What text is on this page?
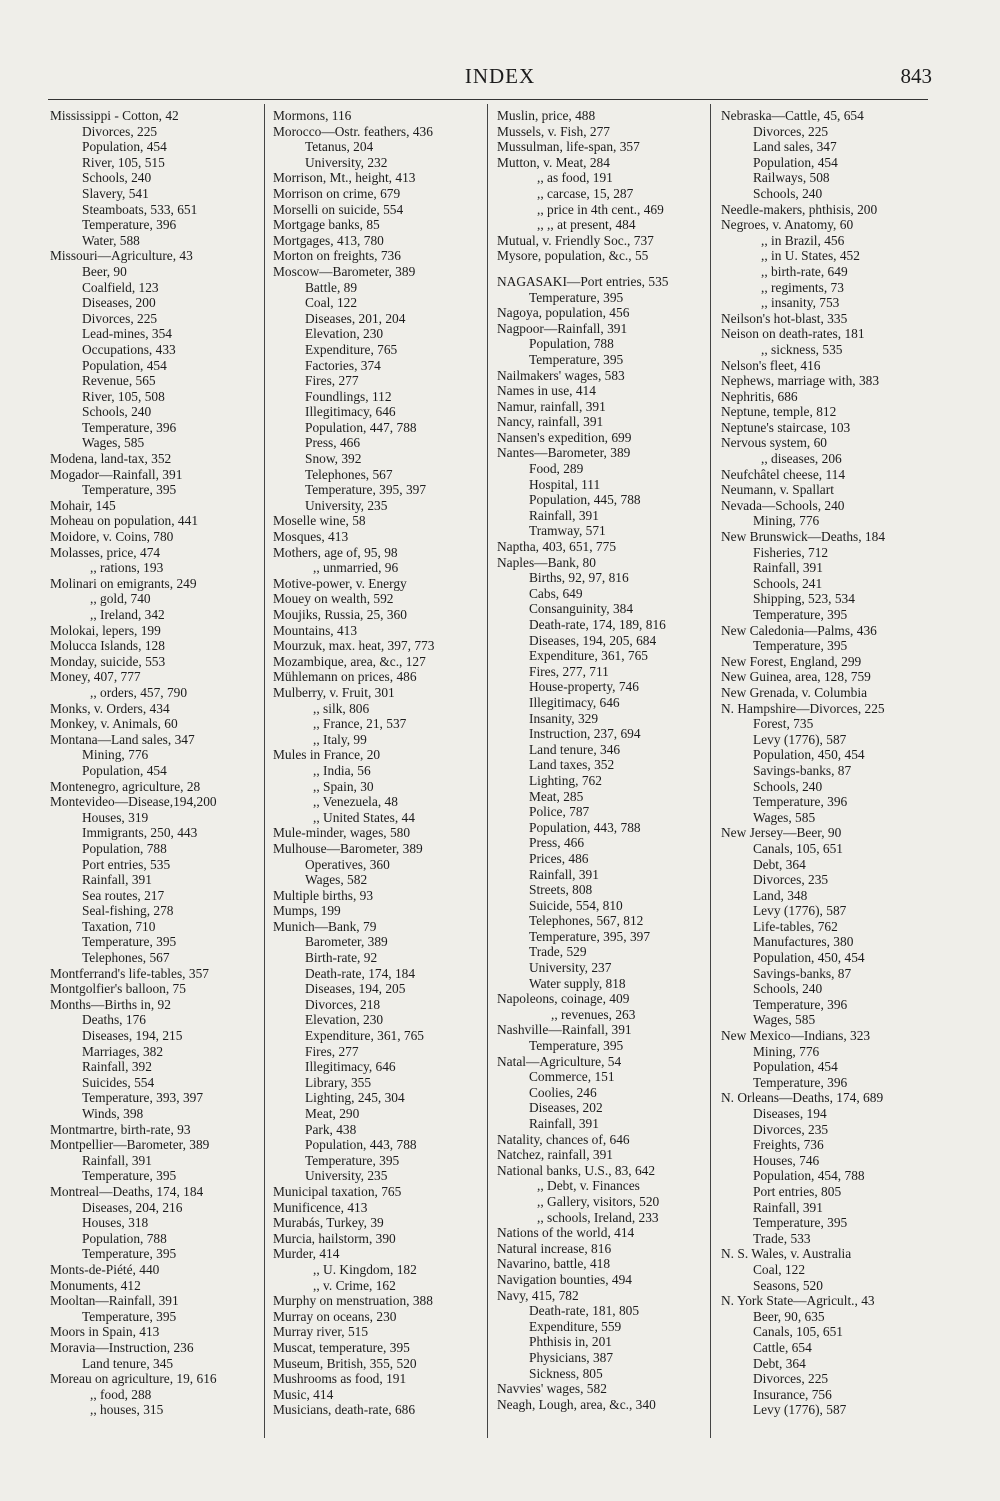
INDEX	843
Mississippi - Cotton, 42
Divorces, 225
Population, 454
River, 105, 515
Schools, 240
Slavery, 541
Steamboats, 533, 651
Temperature, 396
Water, 588
Missouri—Agriculture, 43
Beer, 90
Coalfield, 123
Diseases, 200
Divorces, 225
Lead-mines, 354
Occupations, 433
Population, 454
Revenue, 565
River, 105, 508
Schools, 240
Temperature, 396
Wages, 585
Modena, land-tax, 352
Mogador—Rainfall, 391
Temperature, 395
Mohair, 145
Moheau on population, 441
Moidore, v. Coins, 780
Molasses, price, 474
,, rations, 193
Molinari on emigrants, 249
,, gold, 740
,, Ireland, 342
Molokai, lepers, 199
Molucca Islands, 128
Monday, suicide, 553
Money, 407, 777
,, orders, 457, 790
Monks, v. Orders, 434
Monkey, v. Animals, 60
Montana—Land sales, 347
Mining, 776
Population, 454
Montenegro, agriculture, 28
Montevideo—Disease,194,200
Houses, 319
Immigrants, 250, 443
Population, 788
Port entries, 535
Rainfall, 391
Sea routes, 217
Seal-fishing, 278
Taxation, 710
Temperature, 395
Telephones, 567
Montferrand's life-tables, 357
Montgolfier's balloon, 75
Months—Births in, 92
Deaths, 176
Diseases, 194, 215
Marriages, 382
Rainfall, 392
Suicides, 554
Temperature, 393, 397
Winds, 398
Montmartre, birth-rate, 93
Montpellier—Barometer, 389
Rainfall, 391
Temperature, 395
Montreal—Deaths, 174, 184
Diseases, 204, 216
Houses, 318
Population, 788
Temperature, 395
Monts-de-Piété, 440
Monuments, 412
Mooltan—Rainfall, 391
Temperature, 395
Moors in Spain, 413
Moravia—Instruction, 236
Land tenure, 345
Moreau on agriculture, 19, 616
,, food, 288
,, houses, 315
Mormons, 116
Morocco—Ostr. feathers, 436
Tetanus, 204
University, 232
Morrison, Mt., height, 413
Morrison on crime, 679
Morselli on suicide, 554
Mortgage banks, 85
Mortgages, 413, 780
Morton on freights, 736
Moscow—Barometer, 389
Battle, 89
Coal, 122
Diseases, 201, 204
Elevation, 230
Expenditure, 765
Factories, 374
Fires, 277
Foundlings, 112
Illegitimacy, 646
Population, 447, 788
Press, 466
Snow, 392
Telephones, 567
Temperature, 395, 397
University, 235
Moselle wine, 58
Mosques, 413
Mothers, age of, 95, 98
,, unmarried, 96
Motive-power, v. Energy
Mouey on wealth, 592
Moujiks, Russia, 25, 360
Mountains, 413
Mourzuk, max. heat, 397, 773
Mozambique, area, &c., 127
Mühlemann on prices, 486
Mulberry, v. Fruit, 301
,, silk, 806
,, France, 21, 537
,, Italy, 99
Mules in France, 20
,, India, 56
,, Spain, 30
,, Venezuela, 48
,, United States, 44
Mule-minder, wages, 580
Mulhouse—Barometer, 389
Operatives, 360
Wages, 582
Multiple births, 93
Mumps, 199
Munich—Bank, 79
Barometer, 389
Birth-rate, 92
Death-rate, 174, 184
Diseases, 194, 205
Divorces, 218
Elevation, 230
Expenditure, 361, 765
Fires, 277
Illegitimacy, 646
Library, 355
Lighting, 245, 304
Meat, 290
Park, 438
Population, 443, 788
Temperature, 395
University, 235
Municipal taxation, 765
Munificence, 413
Murabás, Turkey, 39
Murcia, hailstorm, 390
Murder, 414
,, U. Kingdom, 182
,, v. Crime, 162
Murphy on menstruation, 388
Murray on oceans, 230
Murray river, 515
Muscat, temperature, 395
Museum, British, 355, 520
Mushrooms as food, 191
Music, 414
Musicians, death-rate, 686
Muslin, price, 488
Mussels, v. Fish, 277
Mussulman, life-span, 357
Mutton, v. Meat, 284
,, as food, 191
,, carcase, 15, 287
,, price in 4th cent., 469
,, ,, at present, 484
Mutual, v. Friendly Soc., 737
Mysore, population, &c., 55
NAGASAKI—Port entries, 535
Temperature, 395
Nagoya, population, 456
Nagpoor—Rainfall, 391
Population, 788
Temperature, 395
Nailmakers' wages, 583
Names in use, 414
Namur, rainfall, 391
Nancy, rainfall, 391
Nansen's expedition, 699
Nantes—Barometer, 389
Food, 289
Hospital, 111
Population, 445, 788
Rainfall, 391
Tramway, 571
Naptha, 403, 651, 775
Naples—Bank, 80
Births, 92, 97, 816
Cabs, 649
Consanguinity, 384
Death-rate, 174, 189, 816
Diseases, 194, 205, 684
Expenditure, 361, 765
Fires, 277, 711
House-property, 746
Illegitimacy, 646
Insanity, 329
Instruction, 237, 694
Land tenure, 346
Land taxes, 352
Lighting, 762
Meat, 285
Police, 787
Population, 443, 788
Press, 466
Prices, 486
Rainfall, 391
Streets, 808
Suicide, 554, 810
Telephones, 567, 812
Temperature, 395, 397
Trade, 529
University, 237
Water supply, 818
Napoleons, coinage, 409
,, revenues, 263
Nashville—Rainfall, 391
Temperature, 395
Natal—Agriculture, 54
Commerce, 151
Coolies, 246
Diseases, 202
Rainfall, 391
Natality, chances of, 646
Natchez, rainfall, 391
National banks, U.S., 83, 642
,, Debt, v. Finances
,, Gallery, visitors, 520
,, schools, Ireland, 233
Nations of the world, 414
Natural increase, 816
Navarino, battle, 418
Navigation bounties, 494
Navy, 415, 782
Death-rate, 181, 805
Expenditure, 559
Phthisis in, 201
Physicians, 387
Sickness, 805
Navvies' wages, 582
Neagh, Lough, area, &c., 340
Nebraska—Cattle, 45, 654
Divorces, 225
Land sales, 347
Population, 454
Railways, 508
Schools, 240
Needle-makers, phthisis, 200
Negroes, v. Anatomy, 60
,, in Brazil, 456
,, in U. States, 452
,, birth-rate, 649
,, regiments, 73
,, insanity, 753
Neilson's hot-blast, 335
Neison on death-rates, 181
,, sickness, 535
Nelson's fleet, 416
Nephews, marriage with, 383
Nephritis, 686
Neptune, temple, 812
Neptune's staircase, 103
Nervous system, 60
,, diseases, 206
Neufchâtel cheese, 114
Neumann, v. Spallart
Nevada—Schools, 240
Mining, 776
New Brunswick—Deaths, 184
Fisheries, 712
Rainfall, 391
Schools, 241
Shipping, 523, 534
Temperature, 395
New Caledonia—Palms, 436
Temperature, 395
New Forest, England, 299
New Guinea, area, 128, 759
New Grenada, v. Columbia
N. Hampshire—Divorces, 225
Forest, 735
Levy (1776), 587
Population, 450, 454
Savings-banks, 87
Schools, 240
Temperature, 396
Wages, 585
New Jersey—Beer, 90
Canals, 105, 651
Debt, 364
Divorces, 235
Land, 348
Levy (1776), 587
Life-tables, 762
Manufactures, 380
Population, 450, 454
Savings-banks, 87
Schools, 240
Temperature, 396
Wages, 585
New Mexico—Indians, 323
Mining, 776
Population, 454
Temperature, 396
N. Orleans—Deaths, 174, 689
Diseases, 194
Divorces, 235
Freights, 736
Houses, 746
Population, 454, 788
Port entries, 805
Rainfall, 391
Temperature, 395
Trade, 533
N. S. Wales, v. Australia
Coal, 122
Seasons, 520
N. York State—Agricult., 43
Beer, 90, 635
Canals, 105, 651
Cattle, 654
Debt, 364
Divorces, 225
Insurance, 756
Levy (1776), 587
